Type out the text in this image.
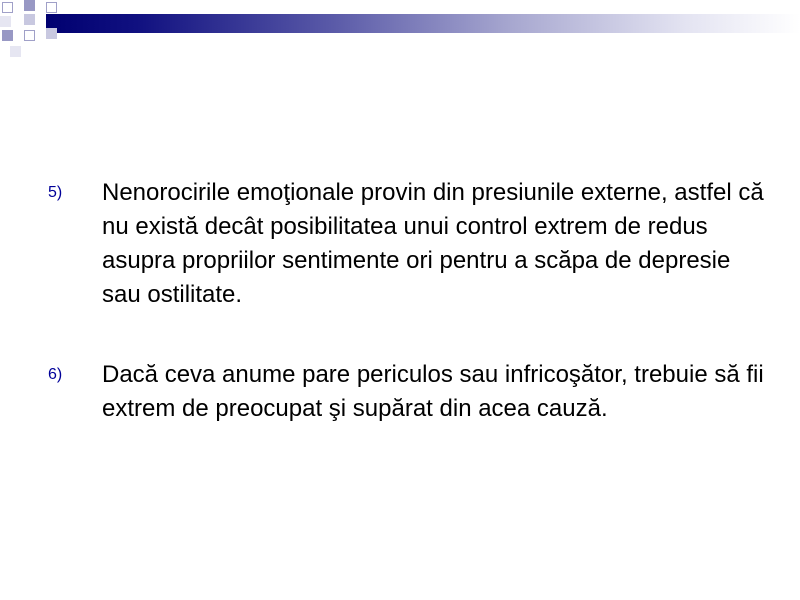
5) Nenorocirile emoţionale provin din presiunile externe, astfel că nu există decât posibilitatea unui control extrem de redus asupra propriilor sentimente ori pentru a scăpa de depresie sau ostilitate.
6) Dacă ceva anume pare periculos sau infricoşător, trebuie să fii extrem de preocupat şi supărat din acea cauză.
